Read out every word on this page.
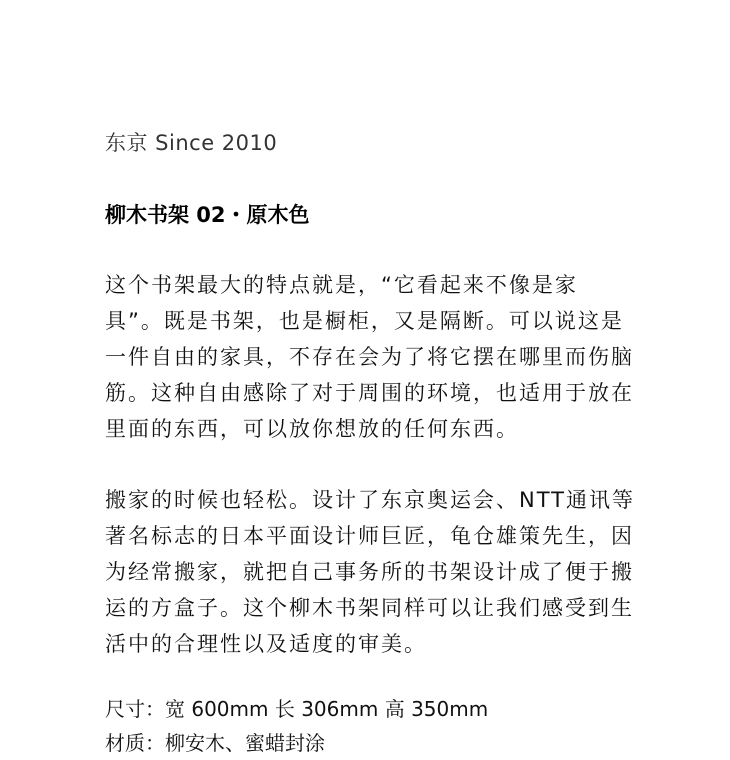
东京 Since 2010
柳木书架 02・原木色

这个书架最大的特点就是，“它看起来不像是家具”。既是书架，也是橱柜，又是隔断。可以说这是一件自由的家具，不存在会为了将它摆在哪里而伤脑筋。这种自由感除了对于周围的环境，也适用于放在里面的东西，可以放你想放的任何东西。

搬家的时候也轻松。设计了东京奥运会、NTT通讯等著名标志的日本平面设计师巨匠，龟仓雄策先生，因为经常搬家，就把自己事务所的书架设计成了便于搬运的方盒子。这个柳木书架同样可以让我们感受到生活中的合理性以及适度的审美。

尺寸：宽 600mm 长 306mm 高 350mm
材质：柳安木、蜜蜡封涂
